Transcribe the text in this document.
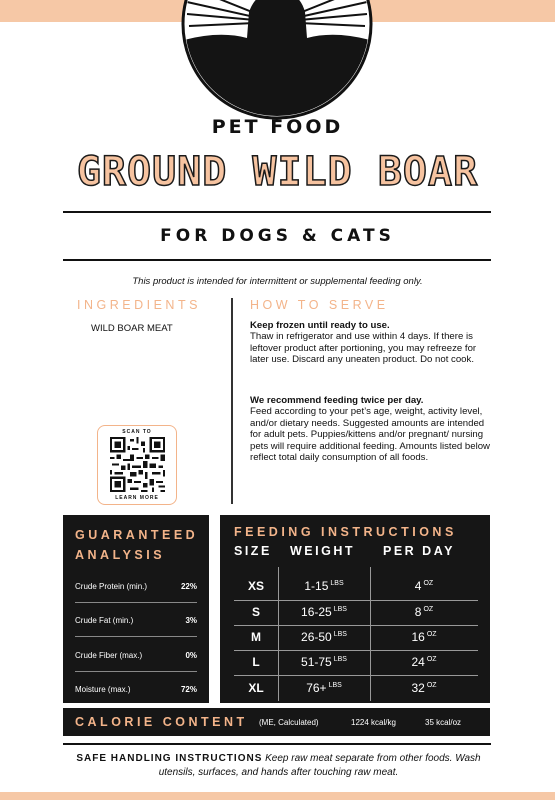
PET FOOD
GROUND WILD BOAR
FOR DOGS & CATS
This product is intended for intermittent or supplemental feeding only.
INGREDIENTS
WILD BOAR MEAT
HOW TO SERVE
Keep frozen until ready to use.
Thaw in refrigerator and use within 4 days. If there is leftover product after portioning, you may refreeze for later use. Discard any uneaten product. Do not cook.
We recommend feeding twice per day.
Feed according to your pet’s age, weight, activity level, and/or dietary needs. Suggested amounts are intended for adult pets. Puppies/kittens and/or pregnant/ nursing pets will require additional feeding. Amounts listed below reflect total daily consumption of all foods.
SCAN TO
LEARN MORE
GUARANTEED
ANALYSIS
Crude Protein (min.)	22%
Crude Fat (min.)	3%
Crude Fiber (max.)	0%
Moisture (max.)	72%
FEEDING INSTRUCTIONS
SIZE WEIGHT PER DAY
XS	1-15 $^{LBS}$	4 $^{OZ}$
S	16-25 $^{LBS}$	8 $^{OZ}$
M	26-50 $^{LBS}$	16 $^{OZ}$
L	51-75 $^{LBS}$	24 $^{OZ}$
XL	76+ $^{LBS}$	32 $^{OZ}$
CALORIE CONTENT (ME, Calculated)	1224 kcal/kg	35 kcal/oz
SAFE HANDLING INSTRUCTIONS Keep raw meat separate from other foods. Wash utensils, surfaces, and hands after touching raw meat.
